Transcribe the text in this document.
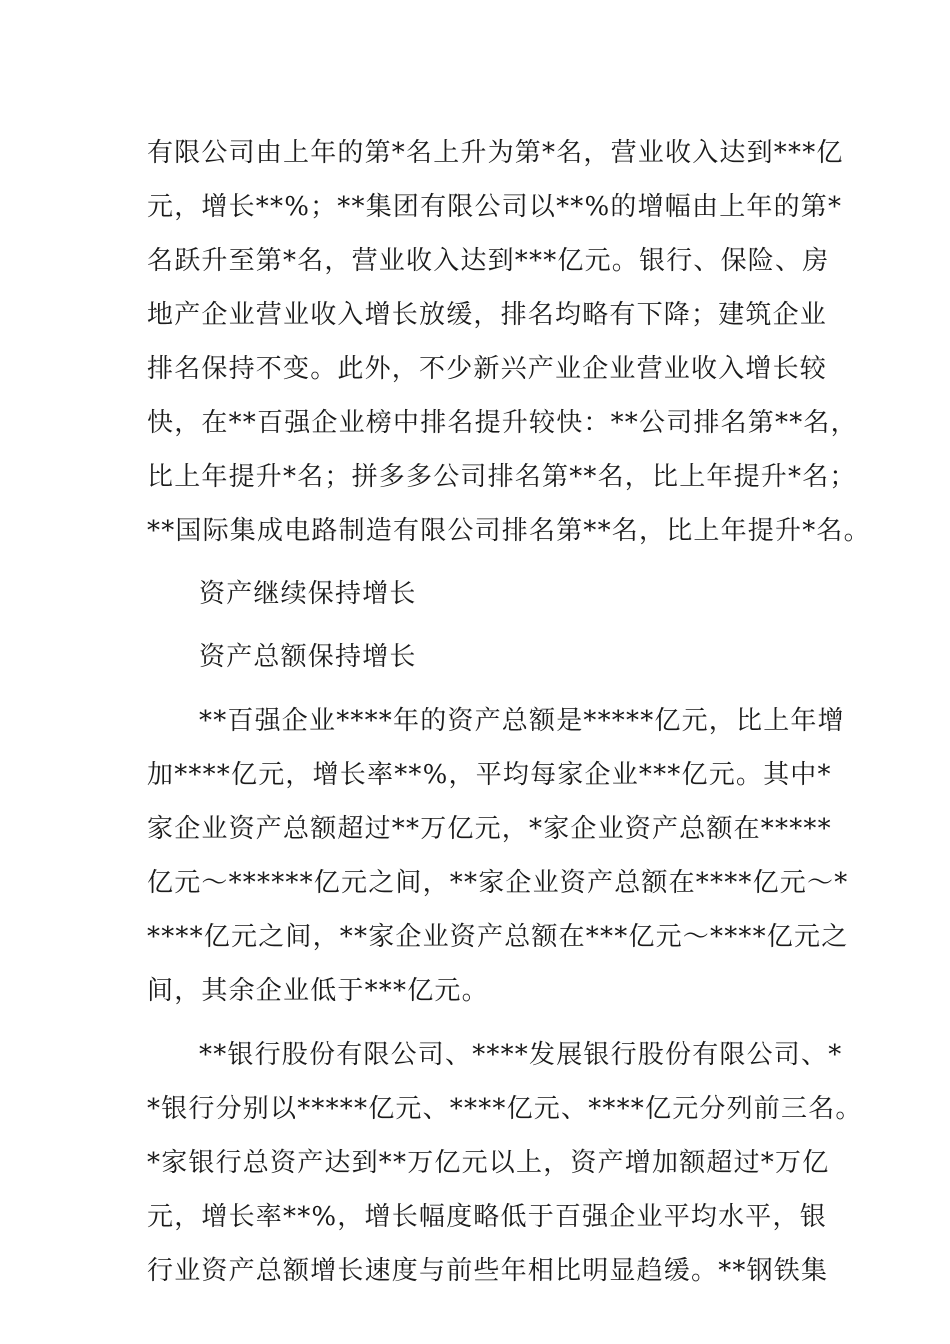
有限公司由上年的第*名上升为第*名，营业收入达到***亿
元，增长**%；**集团有限公司以**%的增幅由上年的第*
名跃升至第*名，营业收入达到***亿元。银行、保险、房
地产企业营业收入增长放缓，排名均略有下降；建筑企业
排名保持不变。此外，不少新兴产业企业营业收入增长较
快，在**百强企业榜中排名提升较快：**公司排名第**名，
比上年提升*名；拼多多公司排名第**名，比上年提升*名；
**国际集成电路制造有限公司排名第**名，比上年提升*名。
资产继续保持增长
资产总额保持增长
**百强企业****年的资产总额是*****亿元，比上年增
加****亿元，增长率**%，平均每家企业***亿元。其中*
家企业资产总额超过**万亿元，*家企业资产总额在*****
亿元～******亿元之间，**家企业资产总额在****亿元～*
****亿元之间，**家企业资产总额在***亿元～****亿元之
间，其余企业低于***亿元。
**银行股份有限公司、****发展银行股份有限公司、*
*银行分别以*****亿元、****亿元、****亿元分列前三名。
*家银行总资产达到**万亿元以上，资产增加额超过*万亿
元，增长率**%，增长幅度略低于百强企业平均水平，银
行业资产总额增长速度与前些年相比明显趋缓。**钢铁集
